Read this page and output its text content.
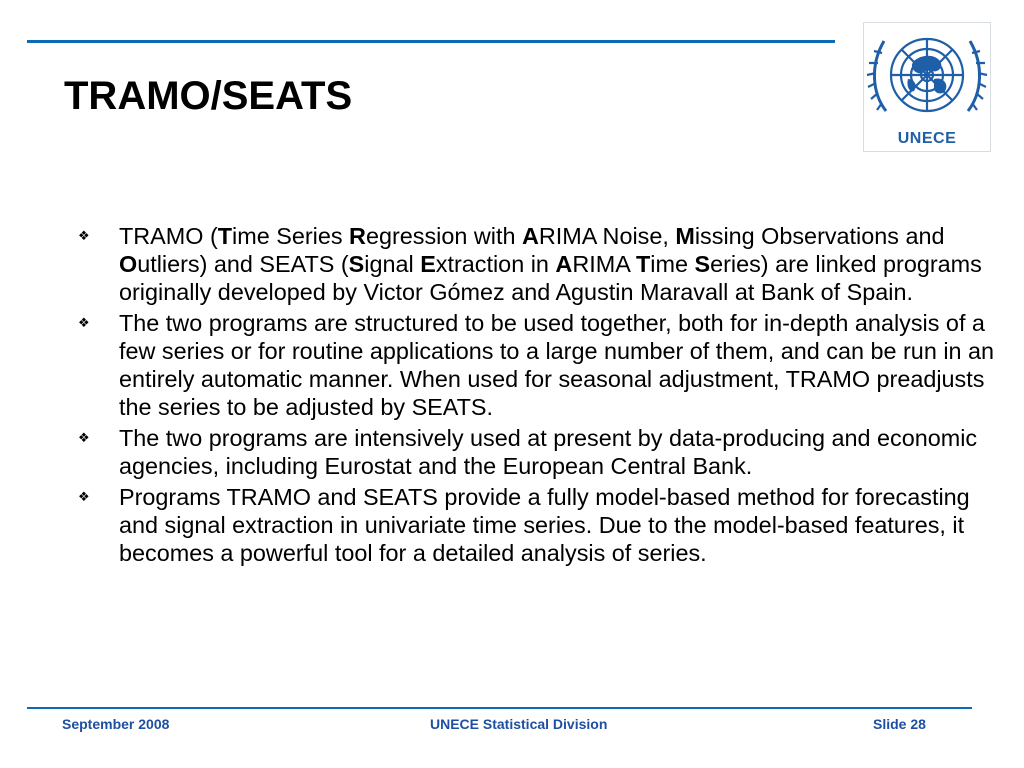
TRAMO/SEATS
UNECE
❖ TRAMO (Time Series Regression with ARIMA Noise, Missing Observations and Outliers) and SEATS (Signal Extraction in ARIMA Time Series) are linked programs originally developed by Victor Gómez and Agustin Maravall at Bank of Spain.
❖ The two programs are structured to be used together, both for in-depth analysis of a few series or for routine applications to a large number of them, and can be run in an entirely automatic manner. When used for seasonal adjustment, TRAMO preadjusts the series to be adjusted by SEATS.
❖ The two programs are intensively used at present by data-producing and economic agencies, including Eurostat and the European Central Bank.
❖ Programs TRAMO and SEATS provide a fully model-based method for forecasting and signal extraction in univariate time series. Due to the model-based features, it becomes a powerful tool for a detailed analysis of series.
September 2008	UNECE Statistical Division	Slide 28
